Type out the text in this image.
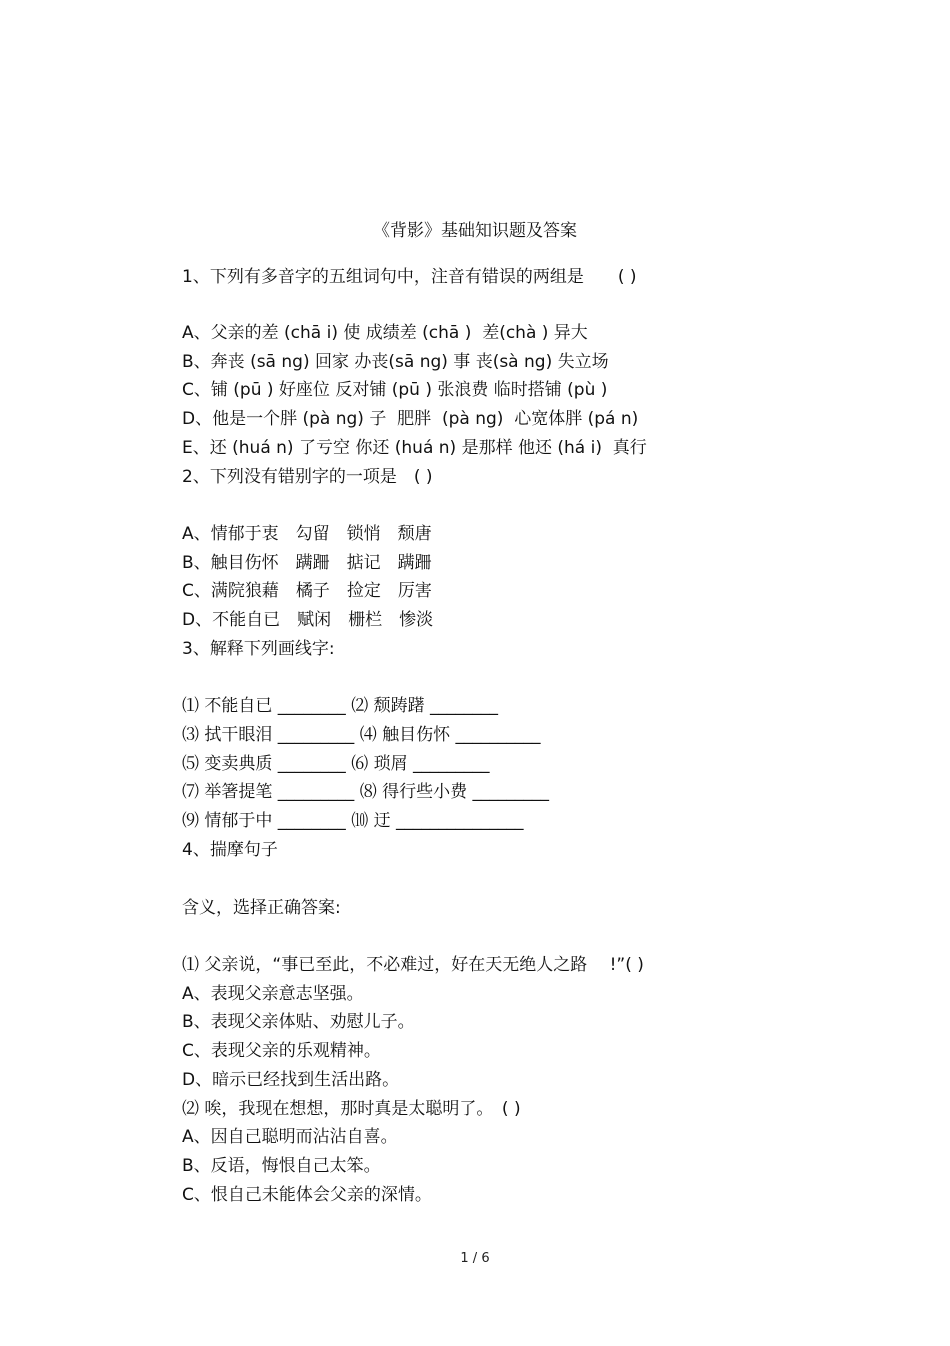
《背影》基础知识题及答案
1、下列有多音字的五组词句中，注音有错误的两组是　　( )
A、父亲的差 (chā i) 使 成绩差 (chā )  差(chà ) 异大
B、奔丧 (sā ng) 回家 办丧(sā ng) 事 丧(sà ng) 失立场
C、铺 (pū ) 好座位 反对铺 (pū ) 张浪费 临时搭铺 (pù )
D、他是一个胖 (pà ng) 子  肥胖  (pà ng)  心宽体胖 (pá n)
E、还 (huá n) 了亏空 你还 (huá n) 是那样 他还 (há i)  真行
2、下列没有错别字的一项是　( )
A、情郁于衷　勾留　锁悄　颓唐
B、触目伤怀　蹒跚　掂记　蹒跚
C、满院狼藉　橘子　捡定　厉害
D、不能自已　赋闲　栅栏　惨淡
3、解释下列画线字:
⑴ 不能自已 ________ ⑵ 颓踌躇 ________
⑶ 拭干眼泪 _________ ⑷ 触目伤怀 __________
⑸ 变卖典质 ________ ⑹ 琐屑 _________
⑺ 举箸提笔 _________ ⑻ 得行些小费 _________
⑼ 情郁于中 ________ ⑽ 迂 _______________
4、揣摩句子
含义，选择正确答案:
⑴ 父亲说，“事已至此，不必难过，好在天无绝人之路　 !”( )
A、表现父亲意志坚强。
B、表现父亲体贴、劝慰儿子。
C、表现父亲的乐观精神。
D、暗示已经找到生活出路。
⑵ 唉，我现在想想，那时真是太聪明了。　( )
A、因自己聪明而沾沾自喜。
B、反语，悔恨自己太笨。
C、恨自己未能体会父亲的深情。
1 / 6
